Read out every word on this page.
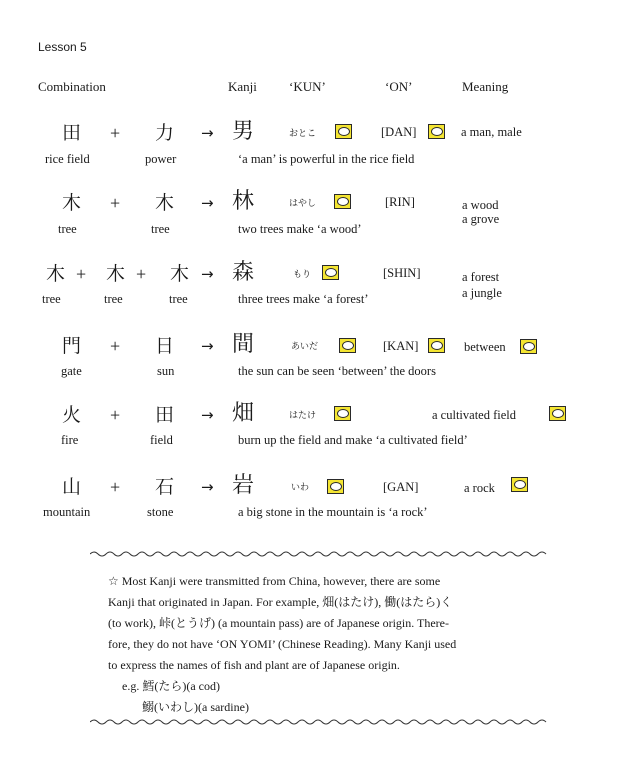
Lesson 5
Combination	Kanji ‘KUN’	‘ON’	Meaning
田 + 力 → 男	おとこ	[DAN]	a man, male
rice field	power	‘a man’ is powerful in the rice field
木 + 木 → 林	はやし	[RIN]	a wood
a grove
tree	tree	two trees make ‘a wood’
木 + 木 + 木 → 森	もり	[SHIN]	a forest
a jungle
tree	tree	tree	three trees make ‘a forest’
門 + 日 → 間	あいだ	[KAN]	between
gate	sun	the sun can be seen ‘between’ the doors
火 + 田 → 畑	はたけ	a cultivated field
fire	field	burn up the field and make ‘a cultivated field’
山 + 石 → 岩	いわ	[GAN]	a rock
mountain	stone	a big stone in the mountain is ‘a rock’
☆ Most Kanji were transmitted from China, however, there are some
Kanji that originated in Japan. For example, 畑(はたけ), 働(はたら)く
(to work), 峠(とうげ) (a mountain pass) are of Japanese origin. There-
fore, they do not have ‘ON YOMI’ (Chinese Reading). Many Kanji used
to express the names of fish and plant are of Japanese origin.
e.g. 鱈(たら)(a cod)
鰯(いわし)(a sardine)
